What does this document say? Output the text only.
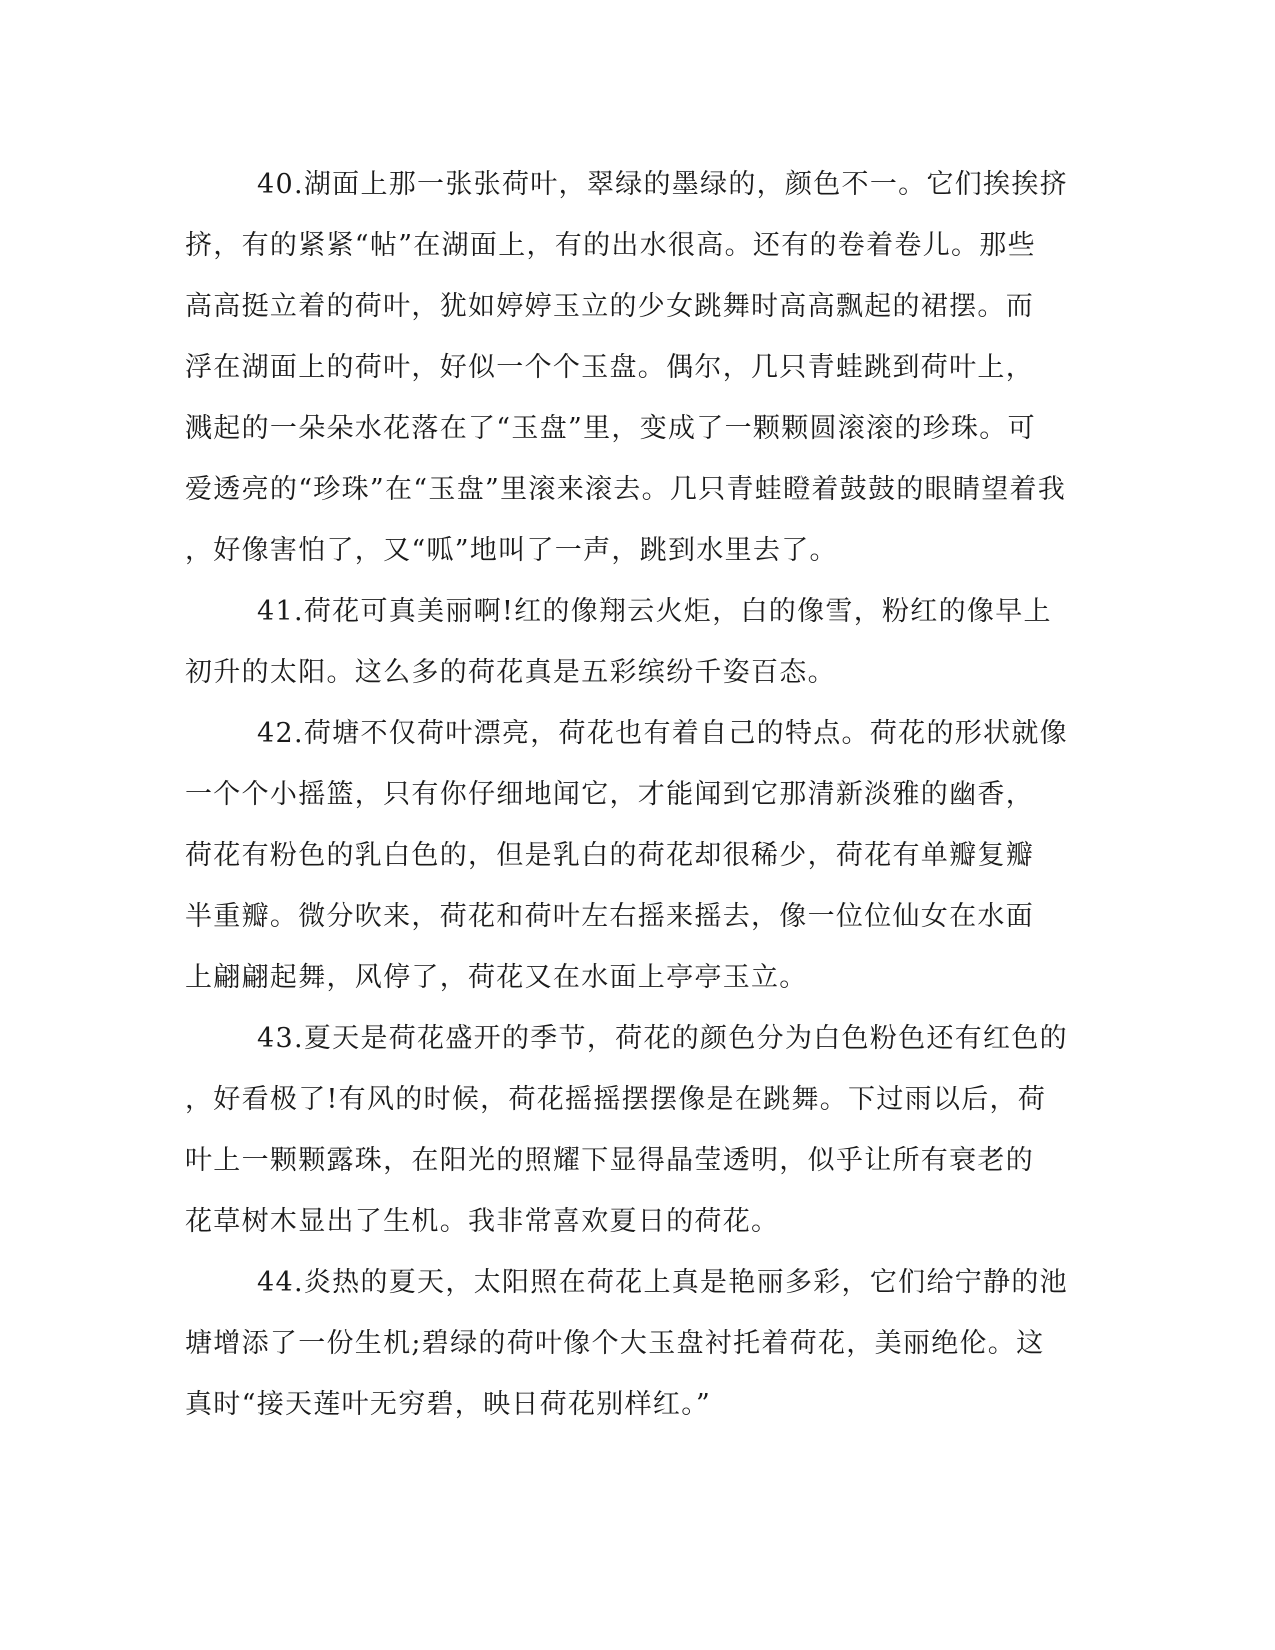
40.湖面上那一张张荷叶，翠绿的墨绿的，颜色不一。它们挨挨挤
挤，有的紧紧“帖”在湖面上，有的出水很高。还有的卷着卷儿。那些
高高挺立着的荷叶，犹如婷婷玉立的少女跳舞时高高飘起的裙摆。而
浮在湖面上的荷叶，好似一个个玉盘。偶尔，几只青蛙跳到荷叶上，
溅起的一朵朵水花落在了“玉盘”里，变成了一颗颗圆滚滚的珍珠。可
爱透亮的“珍珠”在“玉盘”里滚来滚去。几只青蛙瞪着鼓鼓的眼睛望着我
，好像害怕了，又“呱”地叫了一声，跳到水里去了。
41.荷花可真美丽啊!红的像翔云火炬，白的像雪，粉红的像早上
初升的太阳。这么多的荷花真是五彩缤纷千姿百态。
42.荷塘不仅荷叶漂亮，荷花也有着自己的特点。荷花的形状就像
一个个小摇篮，只有你仔细地闻它，才能闻到它那清新淡雅的幽香，
荷花有粉色的乳白色的，但是乳白的荷花却很稀少，荷花有单瓣复瓣
半重瓣。微分吹来，荷花和荷叶左右摇来摇去，像一位位仙女在水面
上翩翩起舞，风停了，荷花又在水面上亭亭玉立。
43.夏天是荷花盛开的季节，荷花的颜色分为白色粉色还有红色的
，好看极了!有风的时候，荷花摇摇摆摆像是在跳舞。下过雨以后，荷
叶上一颗颗露珠，在阳光的照耀下显得晶莹透明，似乎让所有衰老的
花草树木显出了生机。我非常喜欢夏日的荷花。
44.炎热的夏天，太阳照在荷花上真是艳丽多彩，它们给宁静的池
塘增添了一份生机;碧绿的荷叶像个大玉盘衬托着荷花，美丽绝伦。这
真时“接天莲叶无穷碧，映日荷花别样红。”
